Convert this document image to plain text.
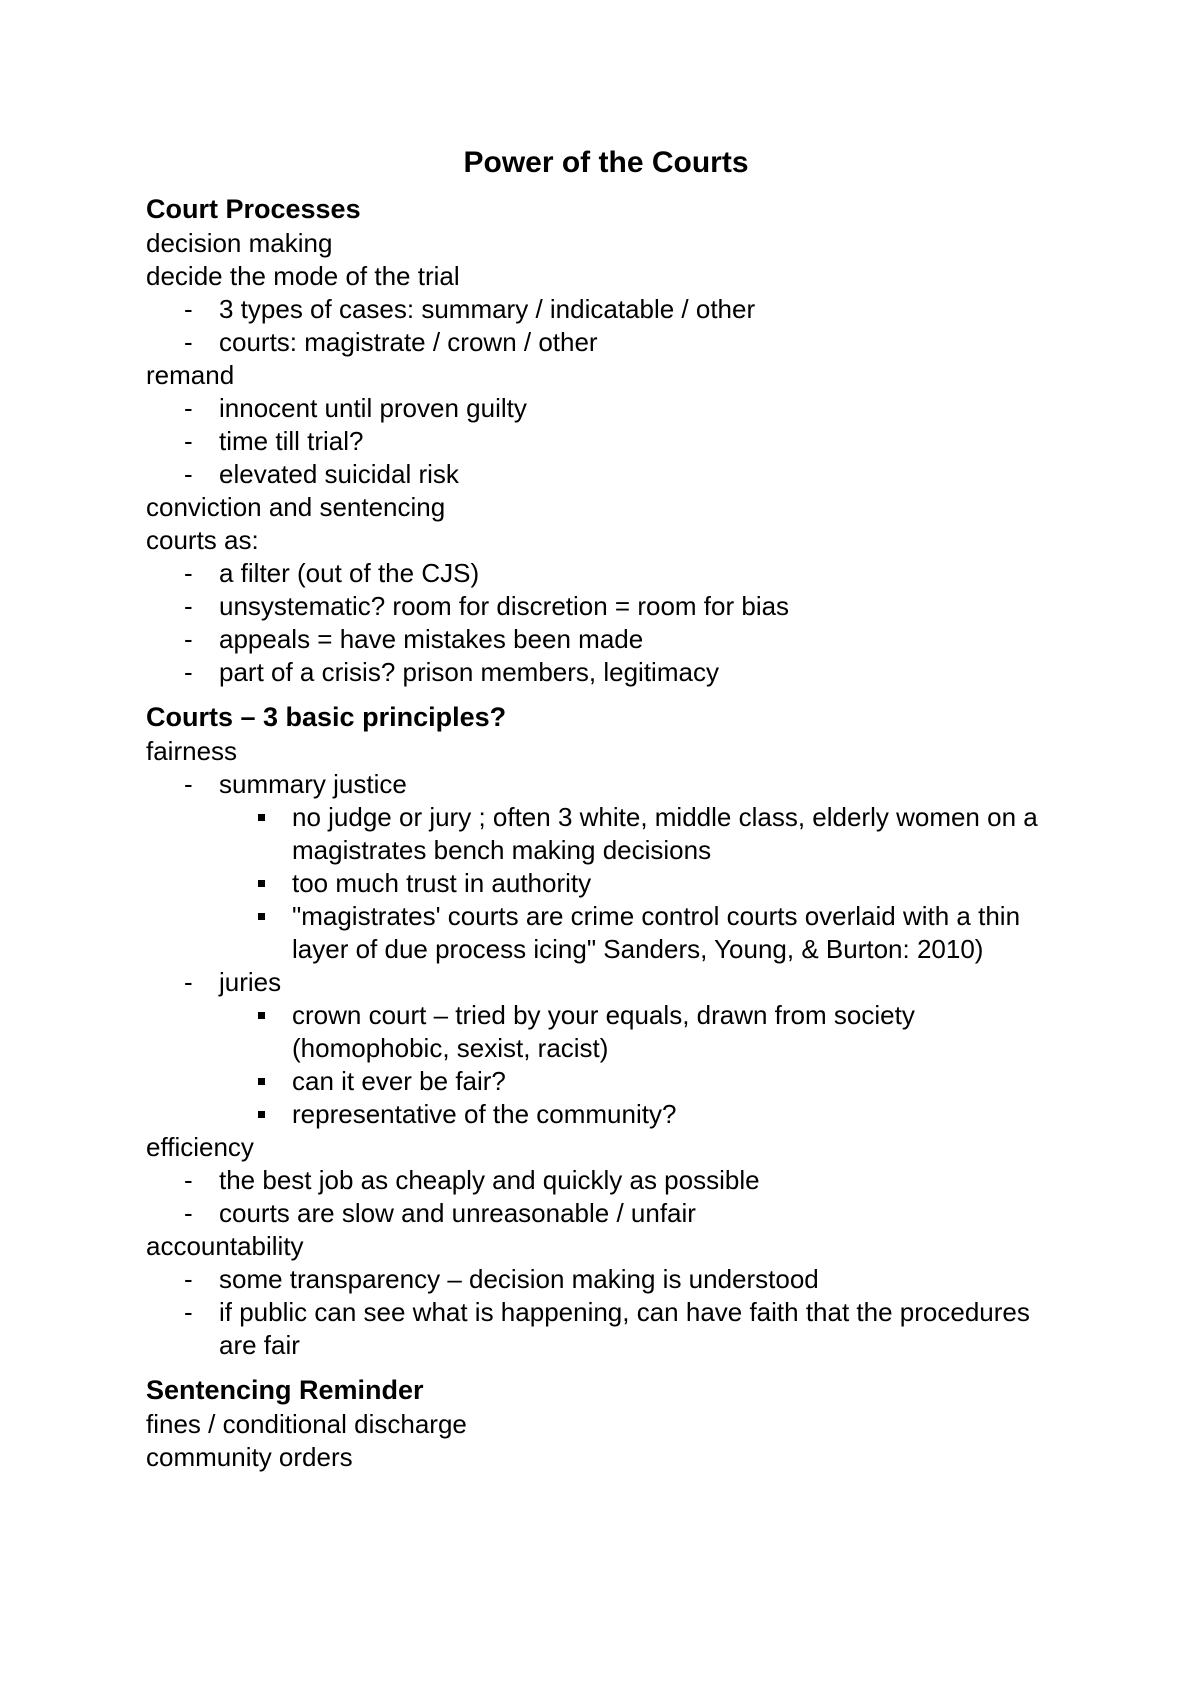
Power of the Courts
Court Processes
decision making
decide the mode of the trial
- 3 types of cases: summary / indicatable / other
- courts: magistrate / crown / other
remand
- innocent until proven guilty
- time till trial?
- elevated suicidal risk
conviction and sentencing
courts as:
- a filter (out of the CJS)
- unsystematic? room for discretion = room for bias
- appeals = have mistakes been made
- part of a crisis? prison members, legitimacy
Courts – 3 basic principles?
fairness
- summary justice
no judge or jury ; often 3 white, middle class, elderly women on a magistrates bench making decisions
too much trust in authority
"magistrates' courts are crime control courts overlaid with a thin layer of due process icing" Sanders, Young, & Burton: 2010)
- juries
crown court – tried by your equals, drawn from society (homophobic, sexist, racist)
can it ever be fair?
representative of the community?
efficiency
- the best job as cheaply and quickly as possible
- courts are slow and unreasonable / unfair
accountability
- some transparency – decision making is understood
- if public can see what is happening, can have faith that the procedures are fair
Sentencing Reminder
fines / conditional discharge
community orders
